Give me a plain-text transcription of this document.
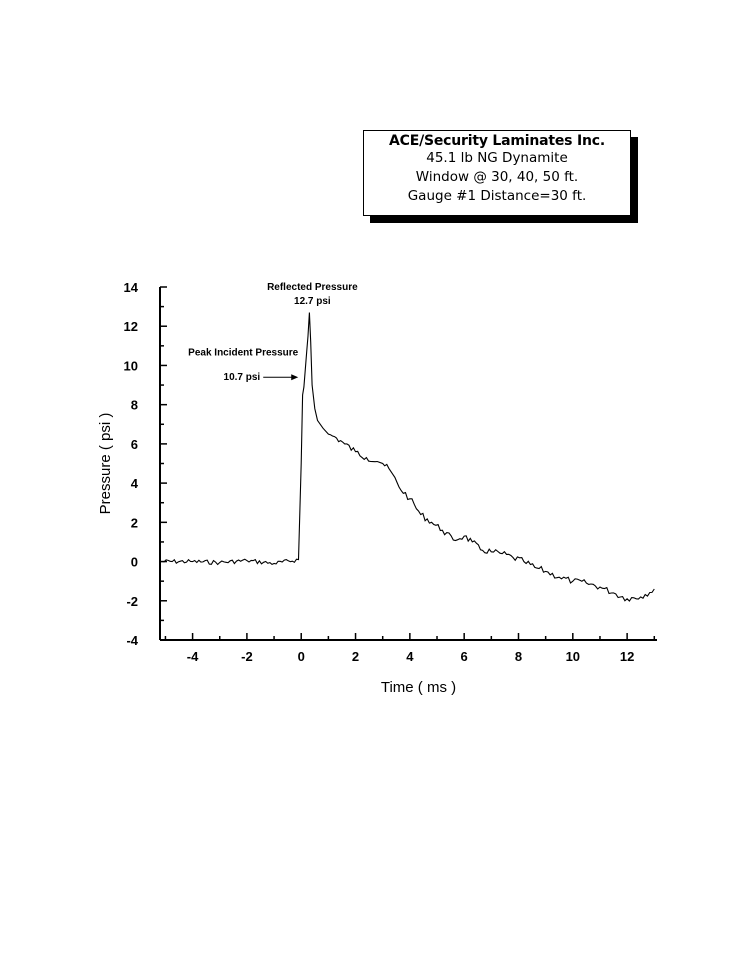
ACE/Security Laminates Inc.
45.1 lb NG Dynamite
Window @ 30, 40, 50 ft.
Gauge #1 Distance=30 ft.
-4
-2
0
2
4
6
8
10
12
14
-4	-2	0	2	4	6	8	10	12
Reflected Pressure
12.7 psi
Peak Incident Pressure
10.7 psi
Time ( ms )
Pressure ( psi )
